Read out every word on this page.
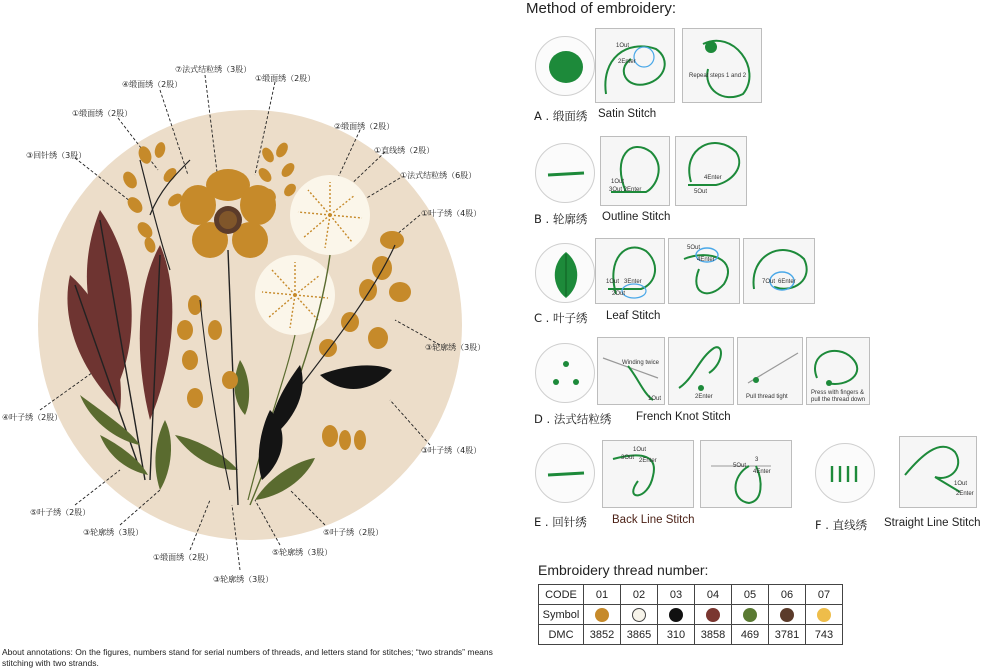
⑦法式结粒绣（3股）
④缎面绣（2股）
①缎面绣（2股）
①缎面绣（2股）
③回针绣（3股）
②缎面绣（2股）
①直线绣（2股）
①法式结粒绣（6股）
①叶子绣（4股）
③轮廓绣（3股）
④叶子绣（2股）
③叶子绣（4股）
⑤叶子绣（2股）
③轮廓绣（3股）	⑤叶子绣（2股）
①缎面绣（2股）
⑤轮廓绣（3股）
③轮廓绣（3股）
Method of embroidery:
1Out
2Enter
Repeat steps 1 and 2
A . 缎面绣 Satin Stitch
1Out
3Out 2Enter
4Enter
5Out
B . 轮廓绣 Outline Stitch
1Out 3Enter
2Out
5Out
4Enter
7Out 6Enter
C . 叶子绣 Leaf Stitch
Winding twice
1Out	2Enter	Pull thread tight
Press with fingers &
pull the thread down
D . 法式结粒绣 French Knot Stitch
1Out
3Out 2Enter
5Out
3
4Enter
E . 回针绣 Back Line Stitch
1Out
2Enter
F . 直线绣 Straight Line Stitch
Embroidery thread number:
CODE	01	02	03	04	05	06	07
Symbol							
DMC	3852	3865	310	3858	469	3781	743
About annotations: On the figures, numbers stand for serial numbers of threads, and letters stand for stitches; “two strands” means stitching with two strands.
